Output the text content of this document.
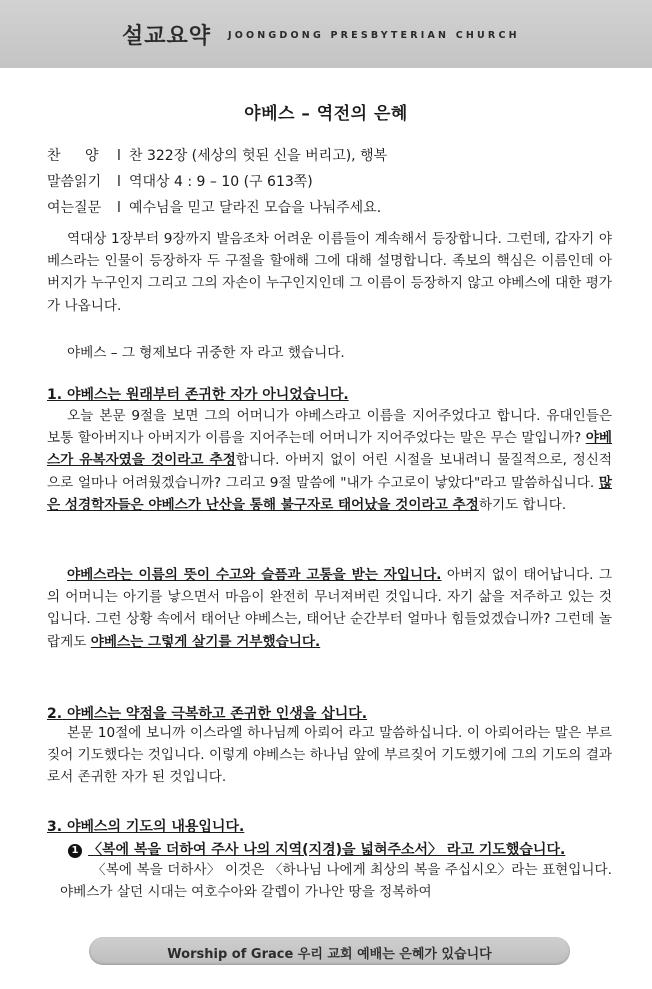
설교요약 JOONGDONG PRESBYTERIAN CHURCH
야베스 – 역전의 은혜
찬 양 l 찬 322장 (세상의 헛된 신을 버리고), 행복
말씀읽기 l 역대상 4 : 9 – 10 (구 613쪽)
여는질문 l 예수님을 믿고 달라진 모습을 나눠주세요.

역대상 1장부터 9장까지 발음조차 어려운 이름들이 계속해서 등장합니다. 그런데, 갑자기 야베스라는 인물이 등장하자 두 구절을 할애해 그에 대해 설명합니다. 족보의 핵심은 이름인데 아버지가 누구인지 그리고 그의 자손이 누구인지인데 그 이름이 등장하지 않고 야베스에 대한 평가가 나옵니다.

야베스 – 그 형제보다 귀중한 자 라고 했습니다.

1. 야베스는 원래부터 존귀한 자가 아니었습니다.

오늘 본문 9절을 보면 그의 어머니가 야베스라고 이름을 지어주었다고 합니다. 유대인들은 보통 할아버지나 아버지가 이름을 지어주는데 어머니가 지어주었다는 말은 무슨 말입니까? 야베스가 유복자였을 것이라고 추정합니다. 아버지 없이 어린 시절을 보내려니 물질적으로, 정신적으로 얼마나 어려웠겠습니까? 그리고 9절 말씀에 "내가 수고로이 낳았다"라고 말씀하십니다. 많은 성경학자들은 야베스가 난산을 통해 불구자로 태어났을 것이라고 추정하기도 합니다.

야베스라는 이름의 뜻이 수고와 슬픔과 고통을 받는 자입니다. 아버지 없이 태어납니다. 그의 어머니는 아기를 낳으면서 마음이 완전히 무너져버린 것입니다. 자기 삶을 저주하고 있는 것입니다. 그런 상황 속에서 태어난 야베스는, 태어난 순간부터 얼마나 힘들었겠습니까? 그런데 놀랍게도 야베스는 그렇게 살기를 거부했습니다.

2. 야베스는 약점을 극복하고 존귀한 인생을 삽니다.

본문 10절에 보니까 이스라엘 하나님께 아뢰어 라고 말씀하십니다. 이 아뢰어라는 말은 부르짖어 기도했다는 것입니다. 이렇게 야베스는 하나님 앞에 부르짖어 기도했기에 그의 기도의 결과로서 존귀한 자가 된 것입니다.

3. 야베스의 기도의 내용입니다.
1 〈복에 복을 더하여 주사 나의 지역(지경)을 넓혀주소서〉 라고 기도했습니다.

〈복에 복을 더하사〉 이것은 〈하나님 나에게 최상의 복을 주십시오〉라는 표현입니다. 야베스가 살던 시대는 여호수아와 갈렙이 가나안 땅을 정복하여

Worship of Grace 우리 교회 예배는 은혜가 있습니다
